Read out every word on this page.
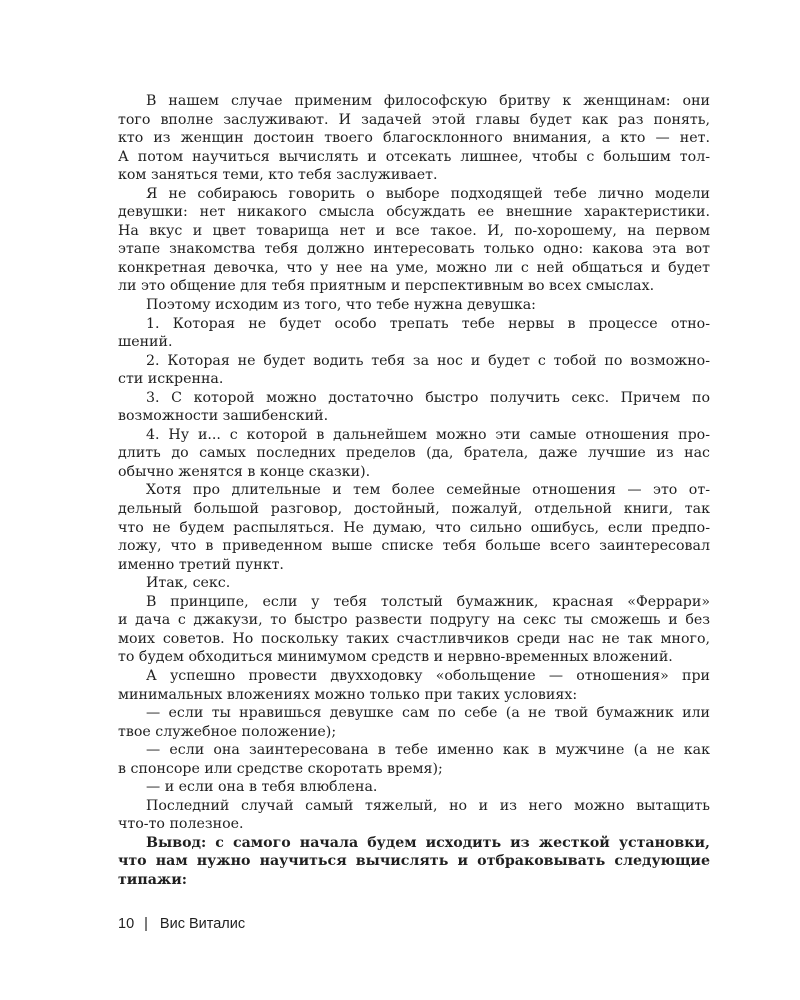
В нашем случае применим философскую бритву к женщинам: они
того вполне заслуживают. И задачей этой главы будет как раз понять,
кто из женщин достоин твоего благосклонного внимания, а кто — нет.
А потом научиться вычислять и отсекать лишнее, чтобы с большим тол-
ком заняться теми, кто тебя заслуживает.
Я не собираюсь говорить о выборе подходящей тебе лично модели
девушки: нет никакого смысла обсуждать ее внешние характеристики.
На вкус и цвет товарища нет и все такое. И, по-хорошему, на первом
этапе знакомства тебя должно интересовать только одно: какова эта вот
конкретная девочка, что у нее на уме, можно ли с ней общаться и будет
ли это общение для тебя приятным и перспективным во всех смыслах.
Поэтому исходим из того, что тебе нужна девушка:
1. Которая не будет особо трепать тебе нервы в процессе отно-
шений.
2. Которая не будет водить тебя за нос и будет с тобой по возможно-
сти искренна.
3. С которой можно достаточно быстро получить секс. Причем по
возможности зашибенский.
4. Ну и... с которой в дальнейшем можно эти самые отношения про-
длить до самых последних пределов (да, братела, даже лучшие из нас
обычно женятся в конце сказки).
Хотя про длительные и тем более семейные отношения — это от-
дельный большой разговор, достойный, пожалуй, отдельной книги, так
что не будем распыляться. Не думаю, что сильно ошибусь, если предпо-
ложу, что в приведенном выше списке тебя больше всего заинтересовал
именно третий пункт.
Итак, секс.
В принципе, если у тебя толстый бумажник, красная «Феррари»
и дача с джакузи, то быстро развести подругу на секс ты сможешь и без
моих советов. Но поскольку таких счастливчиков среди нас не так много,
то будем обходиться минимумом средств и нервно-временных вложений.
А успешно провести двухходовку «обольщение — отношения» при
минимальных вложениях можно только при таких условиях:
— если ты нравишься девушке сам по себе (а не твой бумажник или
твое служебное положение);
— если она заинтересована в тебе именно как в мужчине (а не как
в спонсоре или средстве скоротать время);
— и если она в тебя влюблена.
Последний случай самый тяжелый, но и из него можно вытащить
что-то полезное.
Вывод: с самого начала будем исходить из жесткой установки,
что нам нужно научиться вычислять и отбраковывать следующие
типажи:
10 | Вис Виталис
